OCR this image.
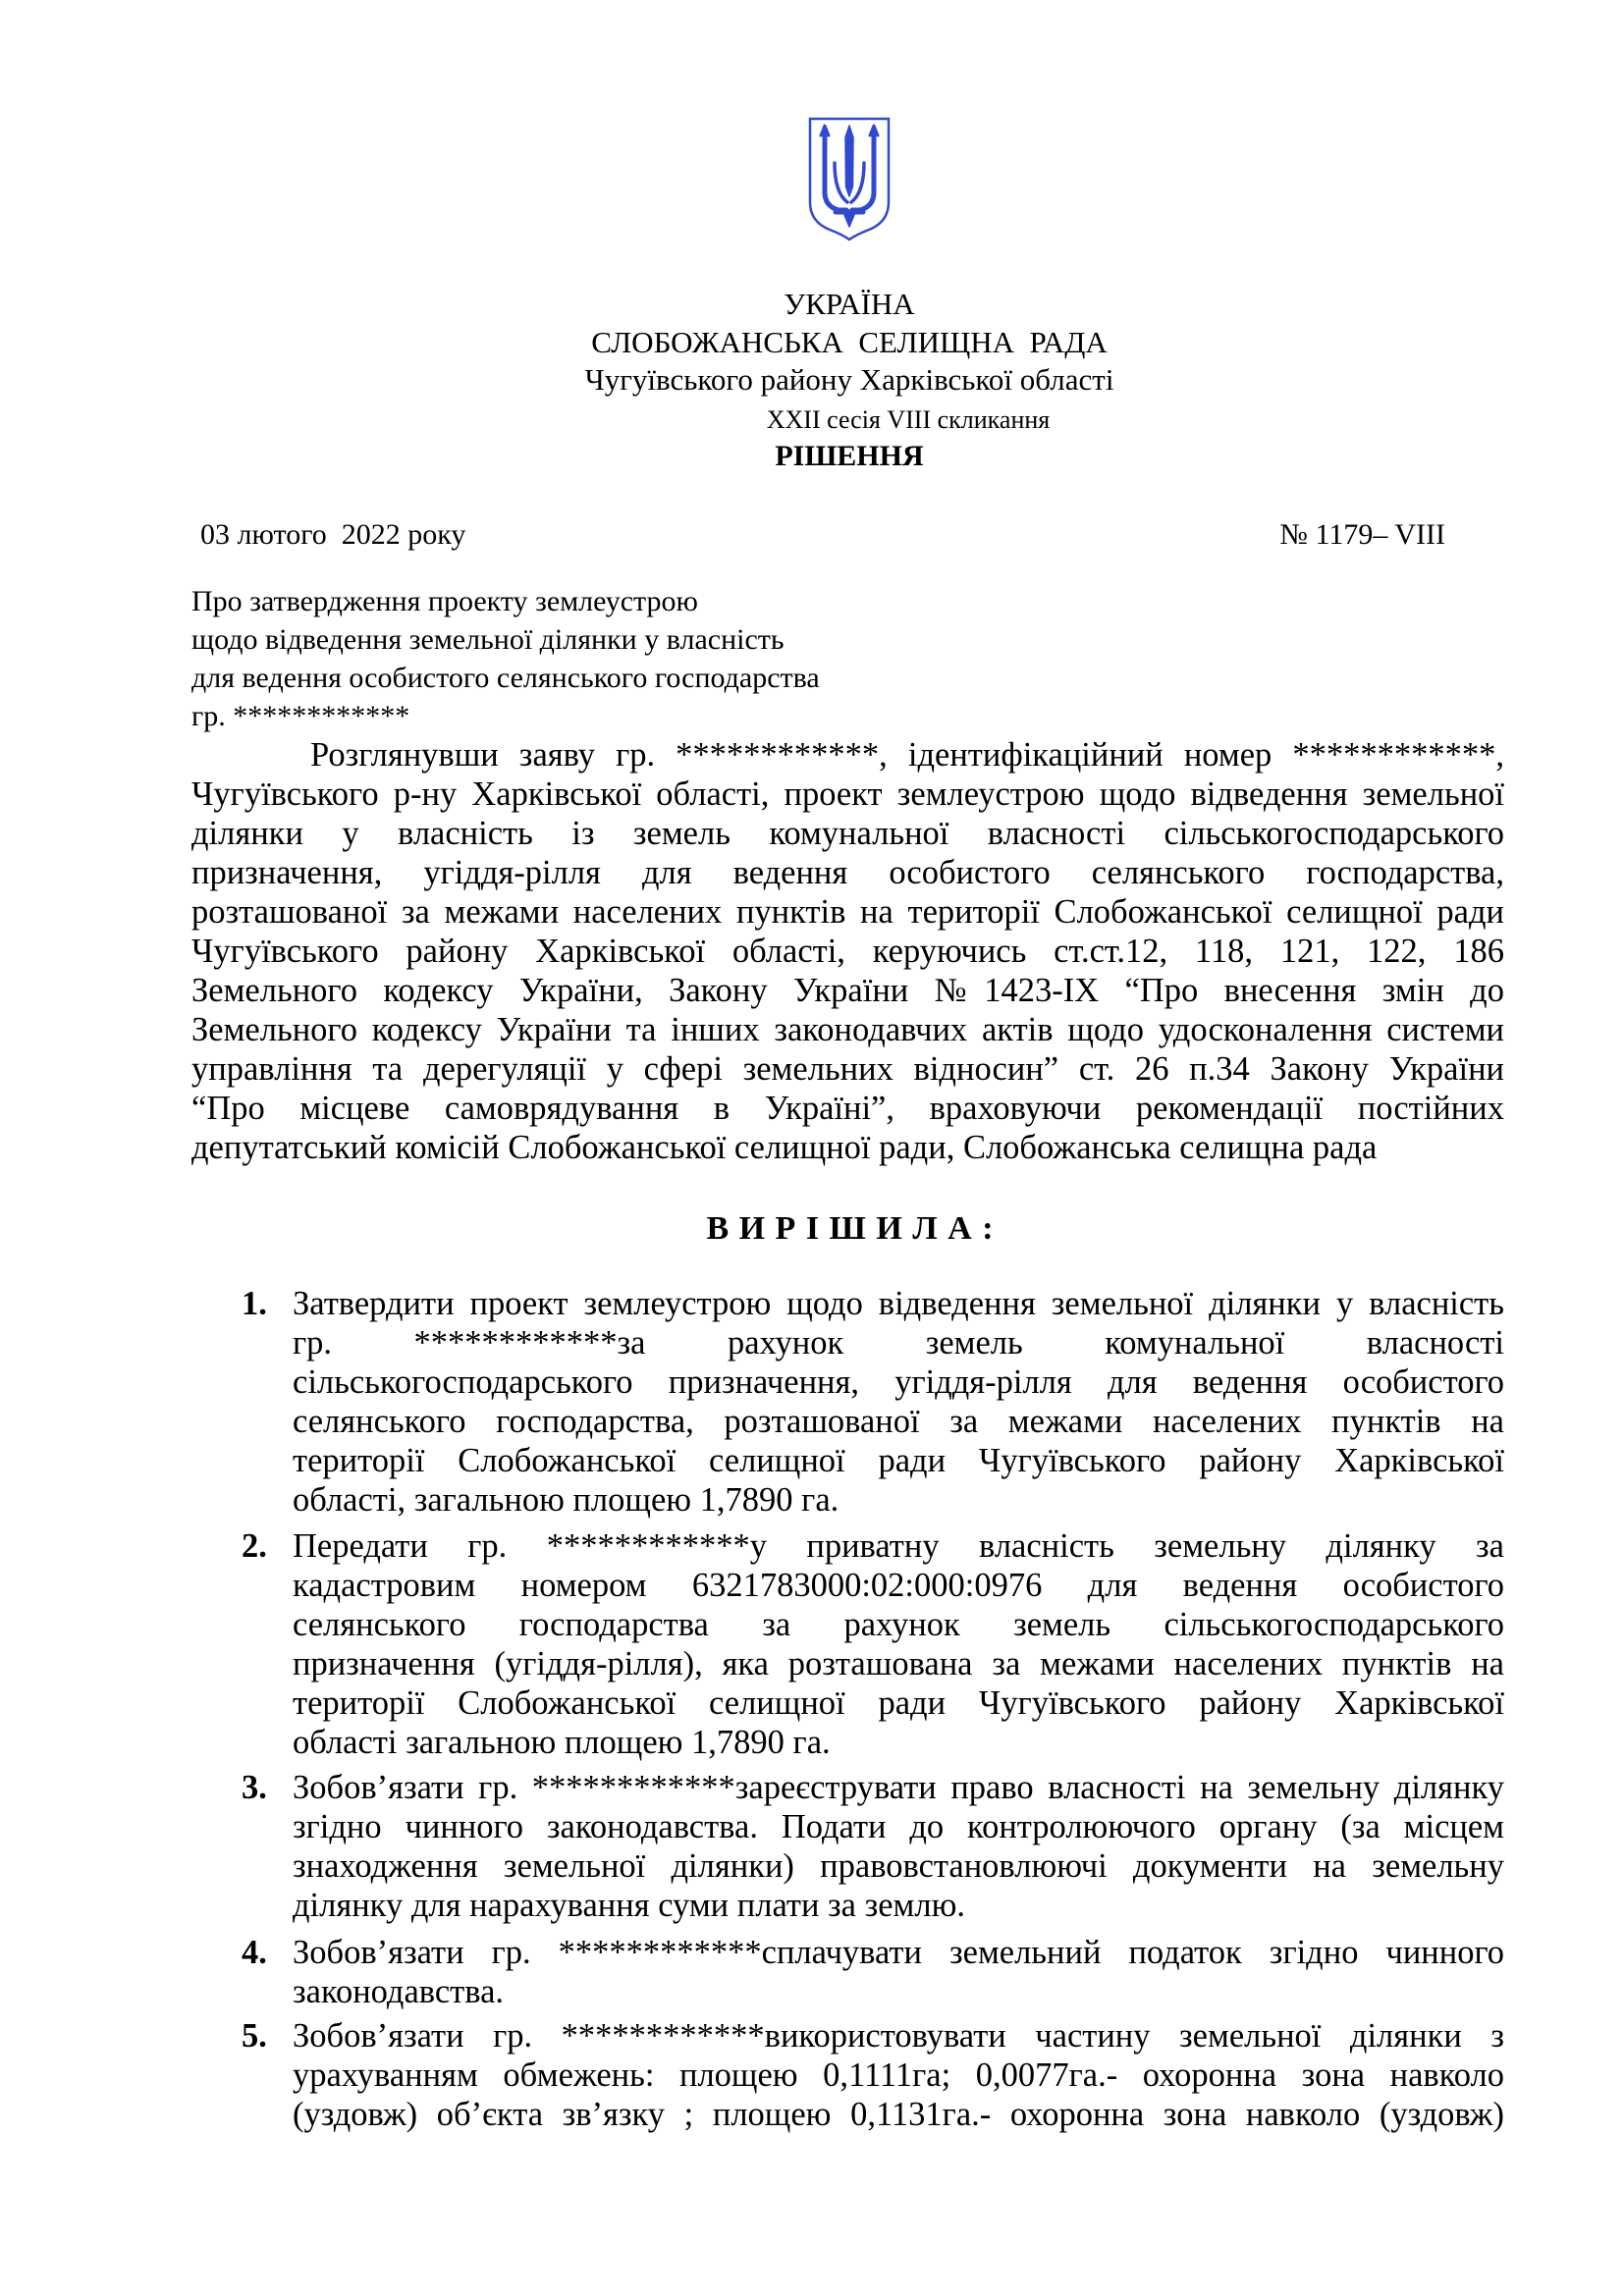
УКРАЇНА
СЛОБОЖАНСЬКА  СЕЛИЩНА  РАДА
Чугуївського району Харківської області
XXII сесія VIII скликання
РІШЕННЯ
03 лютого  2022 року	№ 1179– VIII
Про затвердження проекту землеустрою
щодо відведення земельної ділянки у власність
для ведення особистого селянського господарства
гр. ************
Розглянувши заяву гр. ************, ідентифікаційний номер ************,
Чугуївського р-ну Харківської області, проект землеустрою щодо відведення земельної
ділянки у власність із земель комунальної власності сільськогосподарського
призначення, угіддя-рілля для ведення особистого селянського господарства,
розташованої за межами населених пунктів на території Слобожанської селищної ради
Чугуївського району Харківської області, керуючись ст.ст.12, 118, 121, 122, 186
Земельного кодексу України, Закону України №1423-IX “Про внесення змін до
Земельного кодексу України та інших законодавчих актів щодо удосконалення системи
управління та дерегуляції у сфері земельних відносин” ст. 26 п.34 Закону України
“Про місцеве самоврядування в Україні”, враховуючи рекомендації постійних
депутатський комісій Слобожанської селищної ради, Слобожанська селищна рада
В И Р І Ш И Л А :
1. Затвердити проект землеустрою щодо відведення земельної ділянки у власність
гр. ************за рахунок земель комунальної власності
сільськогосподарського призначення, угіддя-рілля для ведення особистого
селянського господарства, розташованої за межами населених пунктів на
території Слобожанської селищної ради Чугуївського району Харківської
області, загальною площею 1,7890 га.
2. Передати гр. ************у приватну власність земельну ділянку за
кадастровим номером 6321783000:02:000:0976 для ведення особистого
селянського господарства за рахунок земель сільськогосподарського
призначення (угіддя-рілля), яка розташована за межами населених пунктів на
території Слобожанської селищної ради Чугуївського району Харківської
області загальною площею 1,7890 га.
3. Зобов’язати гр. ************зареєструвати право власності на земельну ділянку
згідно чинного законодавства. Подати до контролюючого органу (за місцем
знаходження земельної ділянки) правовстановлюючі документи на земельну
ділянку для нарахування суми плати за землю.
4. Зобов’язати гр. ************сплачувати земельний податок згідно чинного
законодавства.
5. Зобов’язати гр. ************використовувати частину земельної ділянки з
урахуванням обмежень: площею 0,1111га; 0,0077га.- охоронна зона навколо
(уздовж) об’єкта зв’язку ; площею 0,1131га.- охоронна зона навколо (уздовж)
